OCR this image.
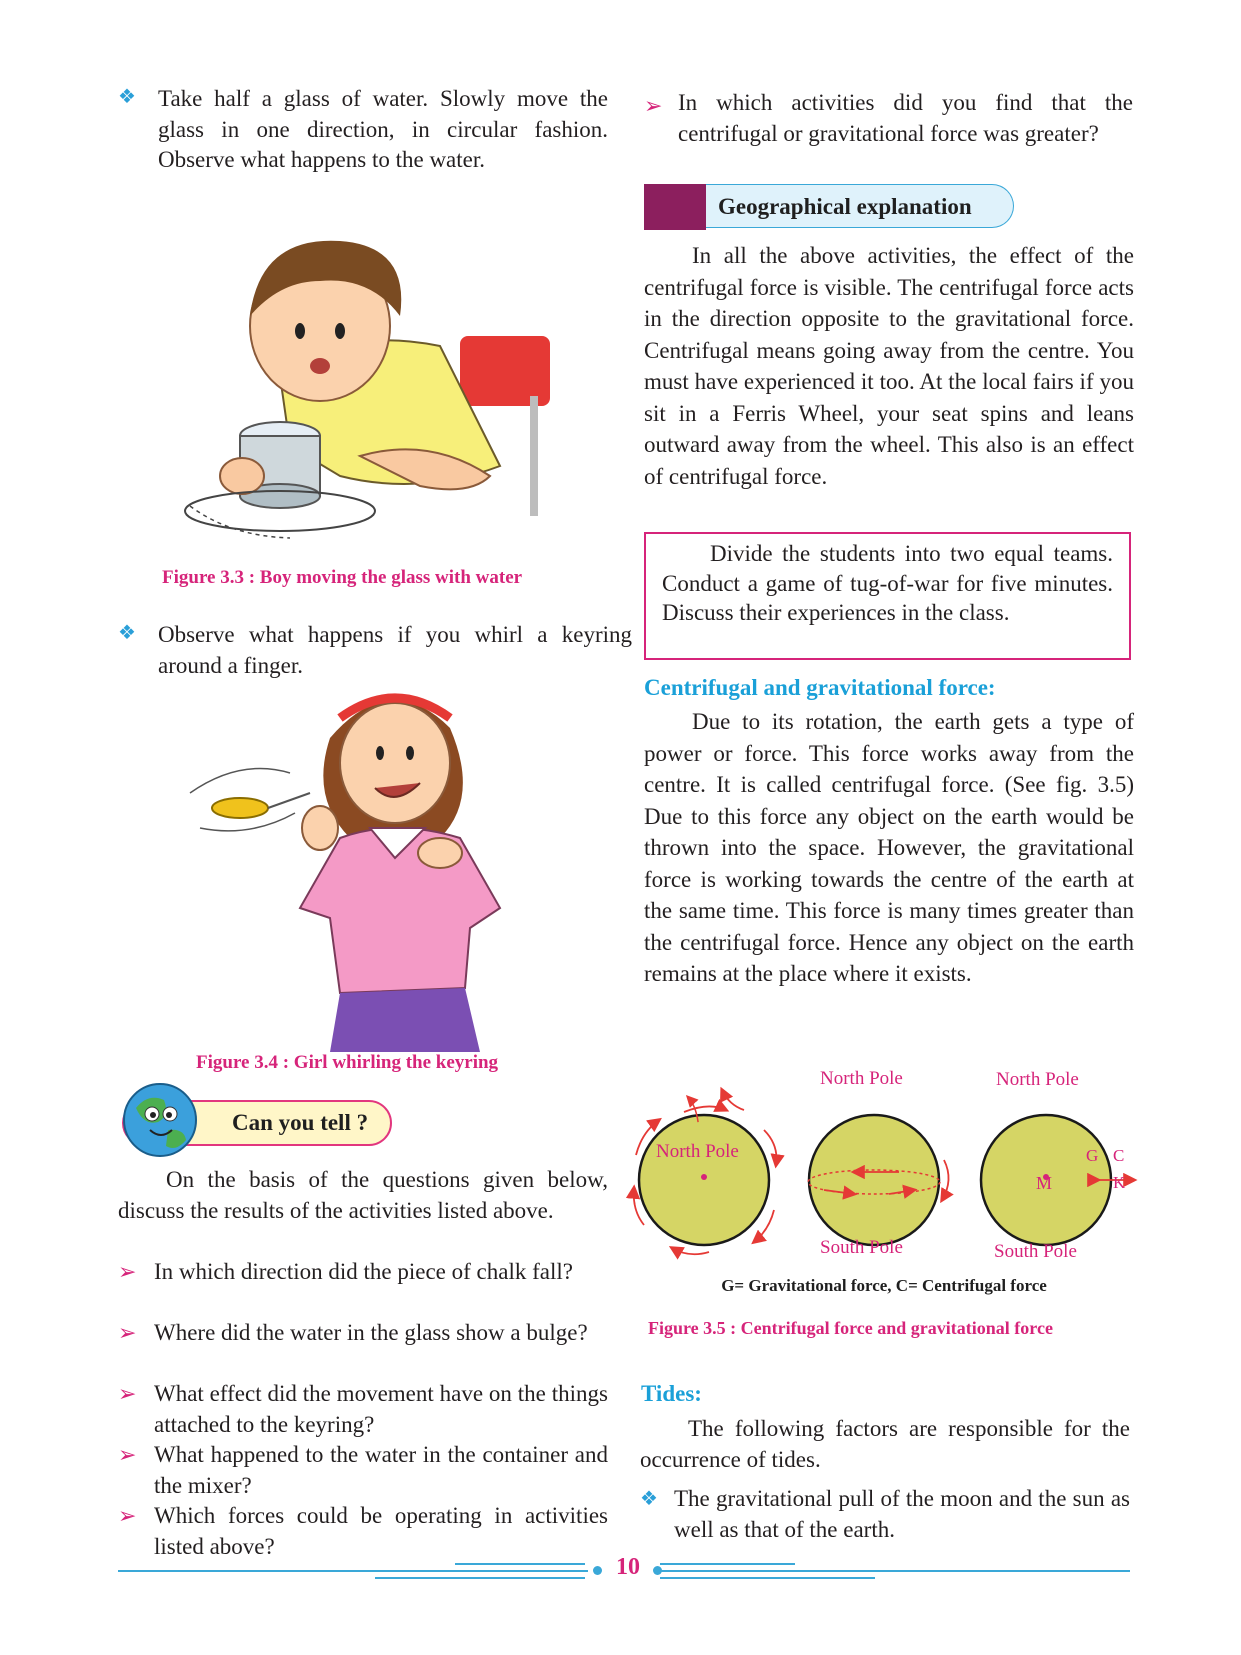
❖ Take half a glass of water. Slowly move the glass in one direction, in circular fashion. Observe what happens to the water.
Figure 3.3 : Boy moving the glass with water
❖ Observe what happens if you whirl a keyring around a finger.
Figure 3.4 : Girl whirling the keyring
Can you tell ?
On the basis of the questions given below, discuss the results of the activities listed above.
➢ In which direction did the piece of chalk fall?
➢ Where did the water in the glass show a bulge?
➢ What effect did the movement have on the things attached to the keyring?
➢ What happened to the water in the container and the mixer?
➢ Which forces could be operating in activities listed above?
➢ In which activities did you find that the centrifugal or gravitational force was greater?
Geographical explanation
In all the above activities, the effect of the centrifugal force is visible. The centrifugal force acts in the direction opposite to the gravitational force. Centrifugal means going away from the centre. You must have experienced it too. At the local fairs if you sit in a Ferris Wheel, your seat spins and leans outward away from the wheel. This also is an effect of centrifugal force.
Divide the students into two equal teams. Conduct a game of tug-of-war for five minutes. Discuss their experiences in the class.
Centrifugal and gravitational force:
Due to its rotation, the earth gets a type of power or force. This force works away from the centre. It is called centrifugal force. (See fig. 3.5) Due to this force any object on the earth would be thrown into the space. However, the gravitational force is working towards the centre of the earth at the same time. This force is many times greater than the centrifugal force. Hence any object on the earth remains at the place where it exists.
North Pole	North Pole
North Pole
South Pole	South Pole
G C
K
M
G= Gravitational force, C= Centrifugal force
Figure 3.5 : Centrifugal force and gravitational force
Tides:
The following factors are responsible for the occurrence of tides.
❖ The gravitational pull of the moon and the sun as well as that of the earth.
10
